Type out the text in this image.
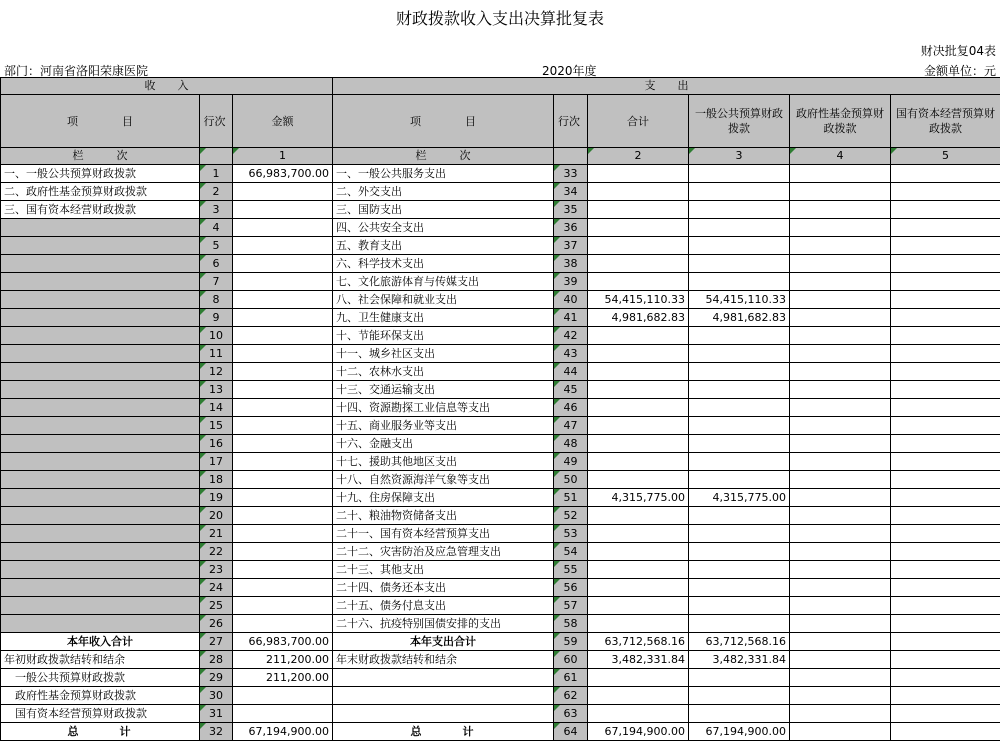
财政拨款收入支出决算批复表
财决批复04表
部门：河南省洛阳荣康医院	2020年度	金额单位：元
收　　入			支　　出					
项　　　　目	行次	金额	项　　　　目	行次	合计	一般公共预算财政拨款	政府性基金预算财政拨款	国有资本经营预算财政拨款
栏　　　次		1	栏　　　次		2	3	4	5
一、一般公共预算财政拨款	1	66,983,700.00	一、一般公共服务支出	33				
二、政府性基金预算财政拨款	2		二、外交支出	34				
三、国有资本经营财政拨款	3		三、国防支出	35				
	4		四、公共安全支出	36				
	5		五、教育支出	37				
	6		六、科学技术支出	38				
	7		七、文化旅游体育与传媒支出	39				
	8		八、社会保障和就业支出	40	54,415,110.33	54,415,110.33		
	9		九、卫生健康支出	41	4,981,682.83	4,981,682.83		
	10		十、节能环保支出	42				
	11		十一、城乡社区支出	43				
	12		十二、农林水支出	44				
	13		十三、交通运输支出	45				
	14		十四、资源勘探工业信息等支出	46				
	15		十五、商业服务业等支出	47				
	16		十六、金融支出	48				
	17		十七、援助其他地区支出	49				
	18		十八、自然资源海洋气象等支出	50				
	19		十九、住房保障支出	51	4,315,775.00	4,315,775.00		
	20		二十、粮油物资储备支出	52				
	21		二十一、国有资本经营预算支出	53				
	22		二十二、灾害防治及应急管理支出	54				
	23		二十三、其他支出	55				
	24		二十四、债务还本支出	56				
	25		二十五、债务付息支出	57				
	26		二十六、抗疫特别国债安排的支出	58				
本年收入合计	27	66,983,700.00	本年支出合计	59	63,712,568.16	63,712,568.16		
年初财政拨款结转和结余	28	211,200.00	年末财政拨款结转和结余	60	3,482,331.84	3,482,331.84		
一般公共预算财政拨款	29	211,200.00		61				
政府性基金预算财政拨款	30			62				
国有资本经营预算财政拨款	31			63				
总　　　计	32	67,194,900.00	总　　　计	64	67,194,900.00	67,194,900.00		
